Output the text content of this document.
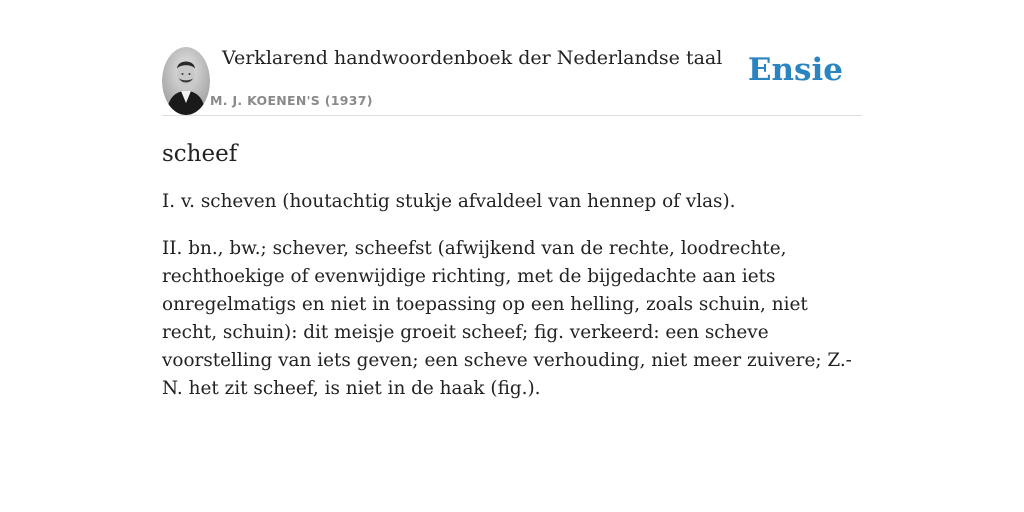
Verklarend handwoordenboek der Nederlandse taal
M. J. KOENEN'S (1937)
Ensie
scheef

I. v. scheven (houtachtig stukje afvaldeel van hennep of vlas).

II. bn., bw.; schever, scheefst (afwijkend van de rechte, loodrechte, rechthoekige of evenwijdige richting, met de bijgedachte aan iets onregelmatigs en niet in toepassing op een helling, zoals schuin, niet recht, schuin): dit meisje groeit scheef; fig. verkeerd: een scheve voorstelling van iets geven; een scheve verhouding, niet meer zuivere; Z.-N. het zit scheef, is niet in de haak (fig.).
